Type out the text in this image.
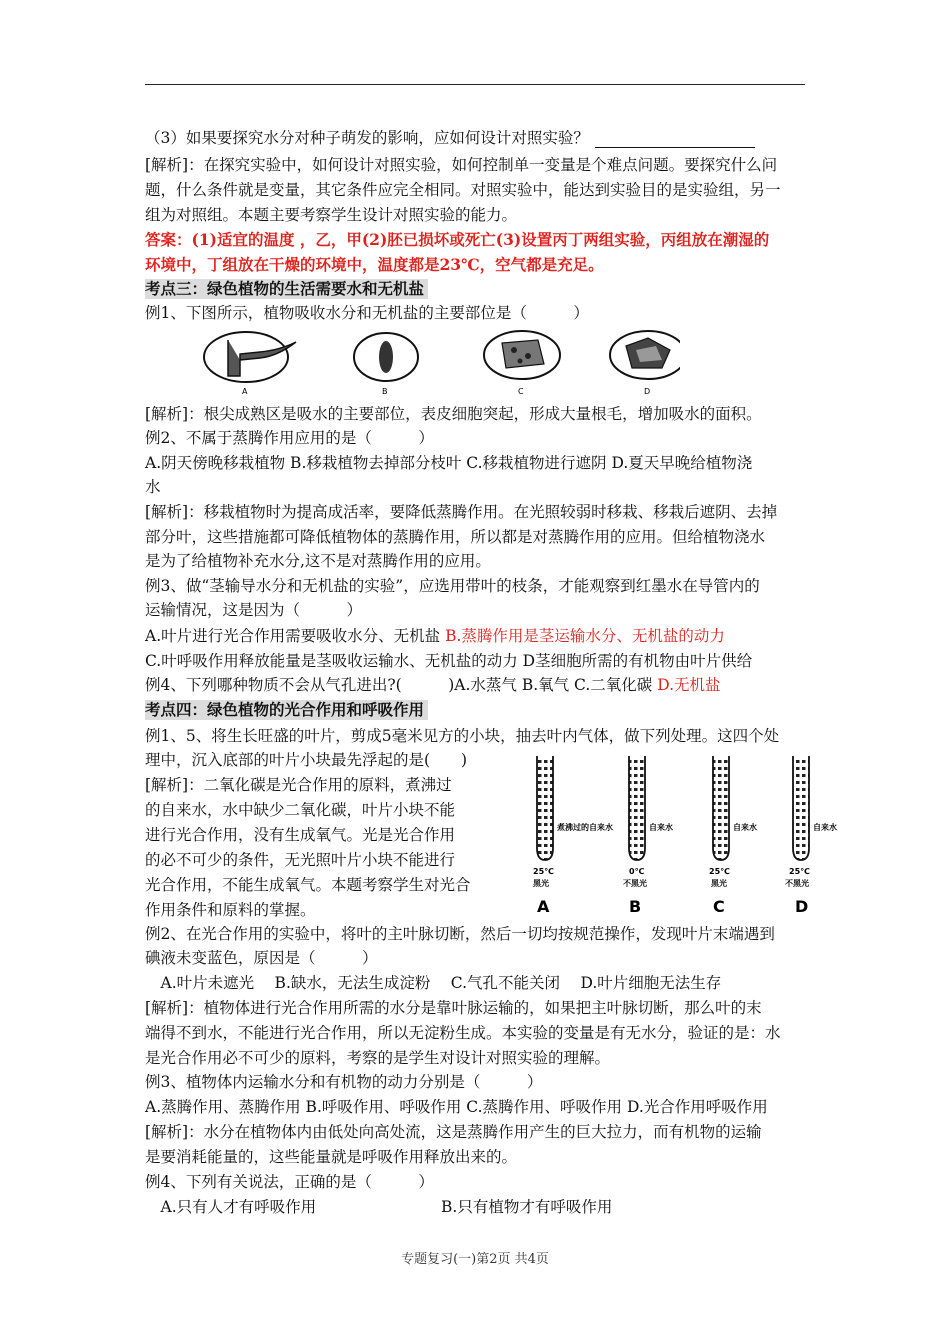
（3）如果要探究水分对种子萌发的影响，应如何设计对照实验？
[解析]：在探究实验中，如何设计对照实验，如何控制单一变量是个难点问题。要探究什么问
题，什么条件就是变量，其它条件应完全相同。对照实验中，能达到实验目的是实验组，另一
组为对照组。本题主要考察学生设计对照实验的能力。
答案：(1)适宜的温度 ，乙，甲(2)胚已损坏或死亡(3)设置丙丁两组实验，丙组放在潮湿的
环境中，丁组放在干燥的环境中，温度都是23℃，空气都是充足。
考点三：绿色植物的生活需要水和无机盐
例1、下图所示，植物吸收水分和无机盐的主要部位是（　　　）
A	B	C	D
[解析]：根尖成熟区是吸水的主要部位，表皮细胞突起，形成大量根毛，增加吸水的面积。
例2、不属于蒸腾作用应用的是（　　　）
A.阴天傍晚移栽植物 B.移栽植物去掉部分枝叶 C.移栽植物进行遮阴 D.夏天早晚给植物浇
水
[解析]：移栽植物时为提高成活率，要降低蒸腾作用。在光照较弱时移栽、移栽后遮阴、去掉
部分叶，这些措施都可降低植物体的蒸腾作用，所以都是对蒸腾作用的应用。但给植物浇水
是为了给植物补充水分,这不是对蒸腾作用的应用。
例3、做“茎输导水分和无机盐的实验”，应选用带叶的枝条，才能观察到红墨水在导管内的
运输情况，这是因为（　　　）
A.叶片进行光合作用需要吸收水分、无机盐 B.蒸腾作用是茎运输水分、无机盐的动力
C.叶呼吸作用释放能量是茎吸收运输水、无机盐的动力 D茎细胞所需的有机物由叶片供给
例4、下列哪种物质不会从气孔进出?(　　　)A.水蒸气 B.氧气 C.二氧化碳 D.无机盐
考点四：绿色植物的光合作用和呼吸作用
例1、5、将生长旺盛的叶片，剪成5毫米见方的小块，抽去叶内气体，做下列处理。这四个处
理中，沉入底部的叶片小块最先浮起的是(　　)
[解析]：二氧化碳是光合作用的原料，煮沸过
的自来水，水中缺少二氧化碳，叶片小块不能
进行光合作用，没有生成氧气。光是光合作用
的必不可少的条件，无光照叶片小块不能进行
光合作用，不能生成氧气。本题考察学生对光合
作用条件和原料的掌握。
煮沸过的自来水
25℃
黑光
A
自来水
0℃
不黑光
B
自来水
25℃
黑光
C
自来水
25℃
不黑光
D
例2、在光合作用的实验中，将叶的主叶脉切断，然后一切均按规范操作，发现叶片末端遇到
碘液未变蓝色，原因是（　　　）
　A.叶片未遮光　 B.缺水，无法生成淀粉　 C.气孔不能关闭　 D.叶片细胞无法生存
[解析]：植物体进行光合作用所需的水分是靠叶脉运输的，如果把主叶脉切断，那么叶的末
端得不到水，不能进行光合作用，所以无淀粉生成。本实验的变量是有无水分，验证的是：水
是光合作用必不可少的原料，考察的是学生对设计对照实验的理解。
例3、植物体内运输水分和有机物的动力分别是（　　　）
A.蒸腾作用、蒸腾作用 B.呼吸作用、呼吸作用 C.蒸腾作用、呼吸作用 D.光合作用呼吸作用
[解析]：水分在植物体内由低处向高处流，这是蒸腾作用产生的巨大拉力，而有机物的运输
是要消耗能量的，这些能量就是呼吸作用释放出来的。
例4、下列有关说法，正确的是（　　　）
　A.只有人才有呼吸作用	B.只有植物才有呼吸作用
专题复习(一)第2页 共4页
